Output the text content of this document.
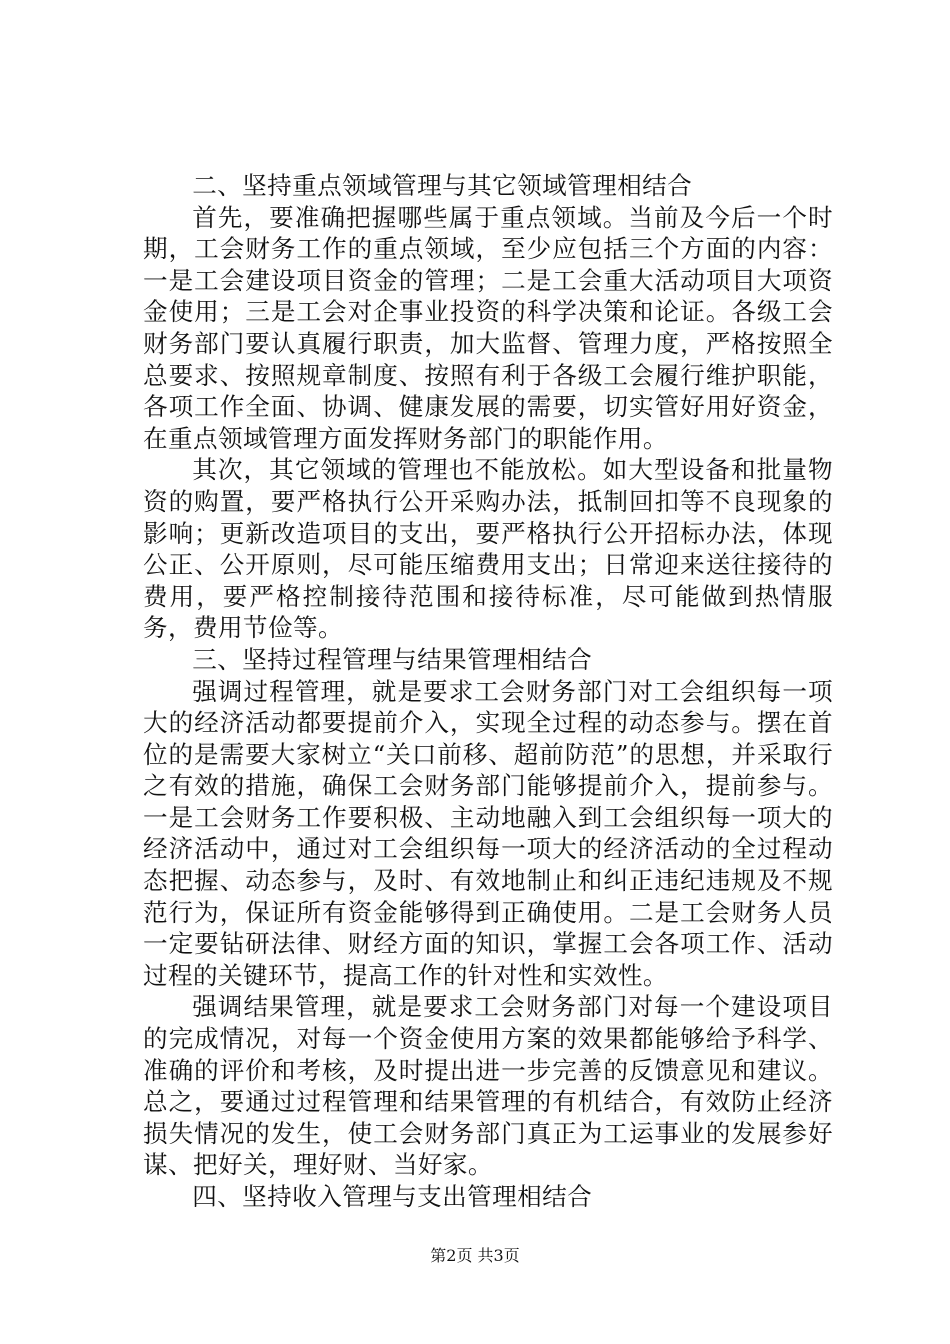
二、坚持重点领域管理与其它领域管理相结合

首先，要准确把握哪些属于重点领域。当前及今后一个时期，工会财务工作的重点领域，至少应包括三个方面的内容：一是工会建设项目资金的管理；二是工会重大活动项目大项资金使用；三是工会对企事业投资的科学决策和论证。各级工会财务部门要认真履行职责，加大监督、管理力度，严格按照全总要求、按照规章制度、按照有利于各级工会履行维护职能，各项工作全面、协调、健康发展的需要，切实管好用好资金，在重点领域管理方面发挥财务部门的职能作用。

其次，其它领域的管理也不能放松。如大型设备和批量物资的购置，要严格执行公开采购办法，抵制回扣等不良现象的影响；更新改造项目的支出，要严格执行公开招标办法，体现公正、公开原则，尽可能压缩费用支出；日常迎来送往接待的费用，要严格控制接待范围和接待标准，尽可能做到热情服务，费用节俭等。

三、坚持过程管理与结果管理相结合

强调过程管理，就是要求工会财务部门对工会组织每一项大的经济活动都要提前介入，实现全过程的动态参与。摆在首位的是需要大家树立“关口前移、超前防范”的思想，并采取行之有效的措施，确保工会财务部门能够提前介入，提前参与。一是工会财务工作要积极、主动地融入到工会组织每一项大的经济活动中，通过对工会组织每一项大的经济活动的全过程动态把握、动态参与，及时、有效地制止和纠正违纪违规及不规范行为，保证所有资金能够得到正确使用。二是工会财务人员一定要钻研法律、财经方面的知识，掌握工会各项工作、活动过程的关键环节，提高工作的针对性和实效性。

强调结果管理，就是要求工会财务部门对每一个建设项目的完成情况，对每一个资金使用方案的效果都能够给予科学、准确的评价和考核，及时提出进一步完善的反馈意见和建议。总之，要通过过程管理和结果管理的有机结合，有效防止经济损失情况的发生，使工会财务部门真正为工运事业的发展参好谋、把好关，理好财、当好家。

四、坚持收入管理与支出管理相结合

第2页 共3页
